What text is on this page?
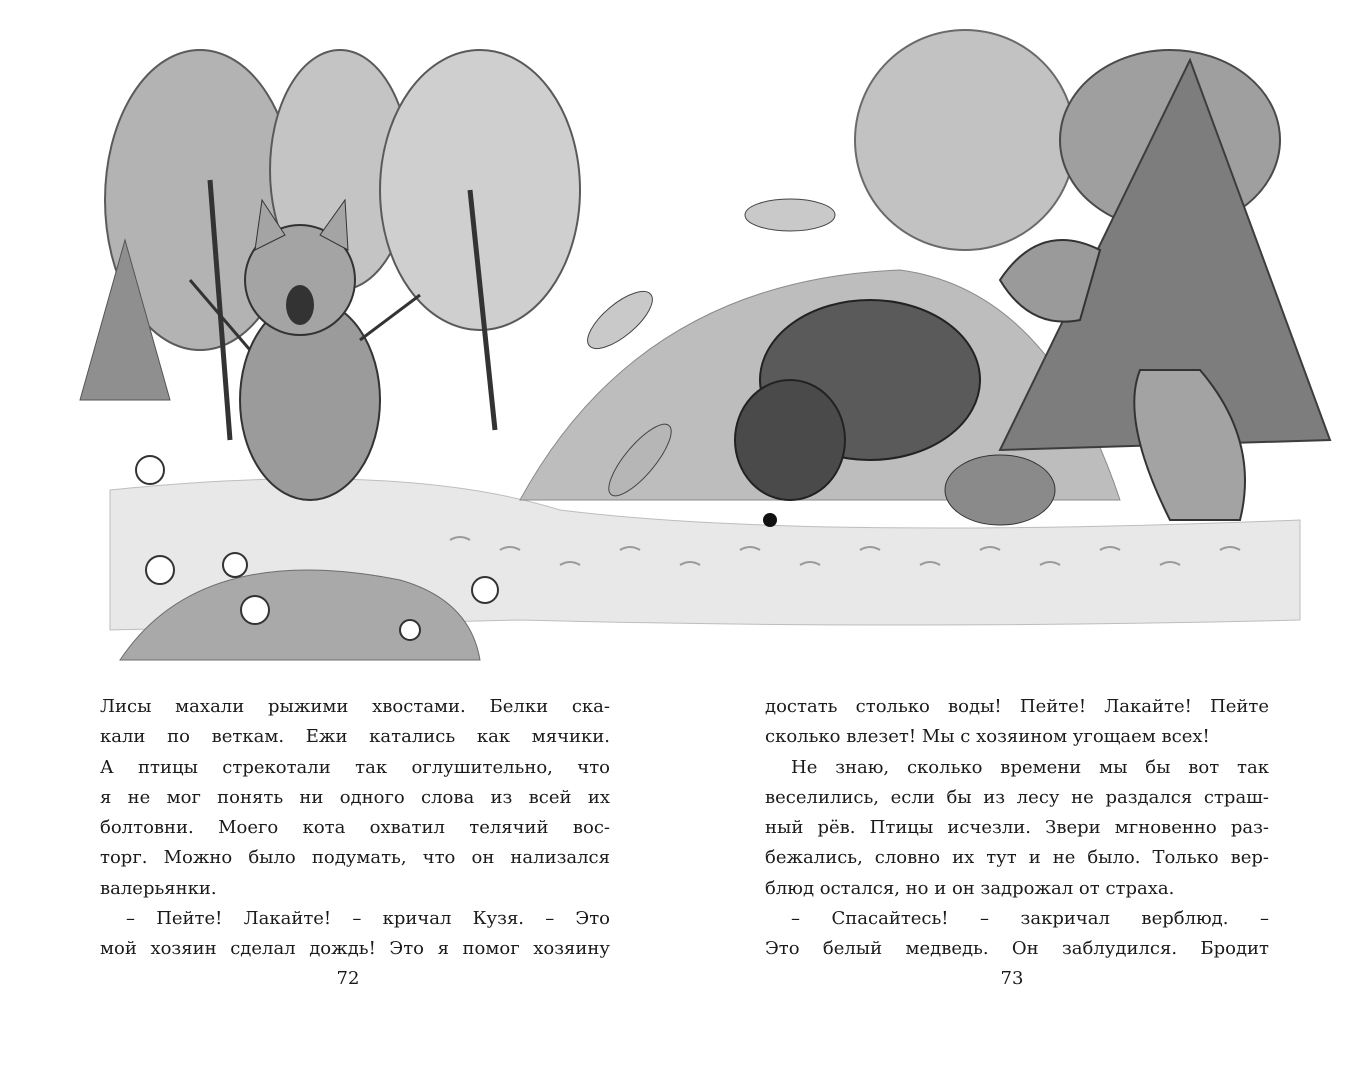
Лисы махали рыжими хвостами. Белки ска-
кали по веткам. Ежи катались как мячики.
А птицы стрекотали так оглушительно, что
я не мог понять ни одного слова из всей их
болтовни. Моего кота охватил телячий вос-
торг. Можно было подумать, что он нализался
валерьянки.
– Пейте! Лакайте! – кричал Кузя. – Это
мой хозяин сделал дождь! Это я помог хозяину
достать столько воды! Пейте! Лакайте! Пейте
сколько влезет! Мы с хозяином угощаем всех!
Не знаю, сколько времени мы бы вот так
веселились, если бы из лесу не раздался страш-
ный рёв. Птицы исчезли. Звери мгновенно раз-
бежались, словно их тут и не было. Только вер-
блюд остался, но и он задрожал от страха.
– Спасайтесь! – закричал верблюд. –
Это белый медведь. Он заблудился. Бродит
72	73
